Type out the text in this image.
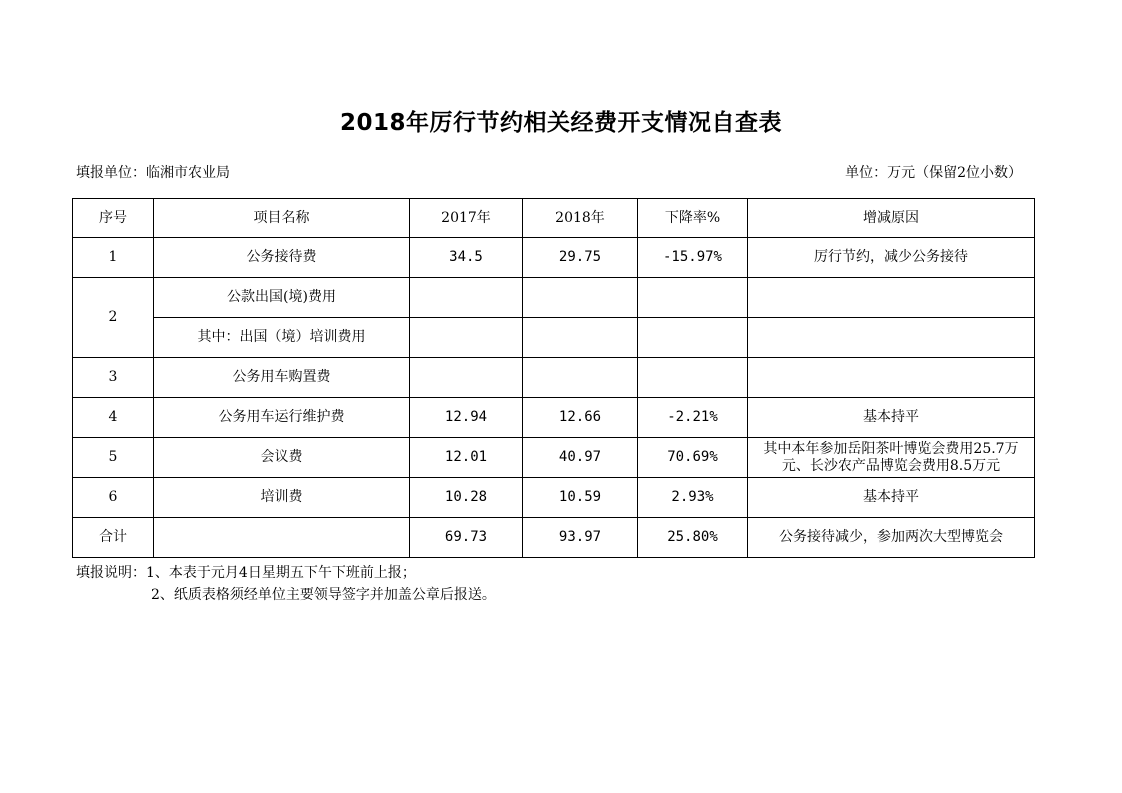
2018年厉行节约相关经费开支情况自查表
填报单位：临湘市农业局	单位：万元（保留2位小数）
序号	项目名称	2017年	2018年	下降率%	增减原因
1	公务接待费	34.5	29.75	-15.97%	厉行节约，减少公务接待
2	公款出国(境)费用				
	其中：出国（境）培训费用				
3	公务用车购置费				
4	公务用车运行维护费	12.94	12.66	-2.21%	基本持平
5	会议费	12.01	40.97	70.69%	其中本年参加岳阳茶叶博览会费用25.7万元、长沙农产品博览会费用8.5万元
6	培训费	10.28	10.59	2.93%	基本持平
合计		69.73	93.97	25.80%	公务接待减少，参加两次大型博览会
填报说明：1、本表于元月4日星期五下午下班前上报；
2、纸质表格须经单位主要领导签字并加盖公章后报送。
